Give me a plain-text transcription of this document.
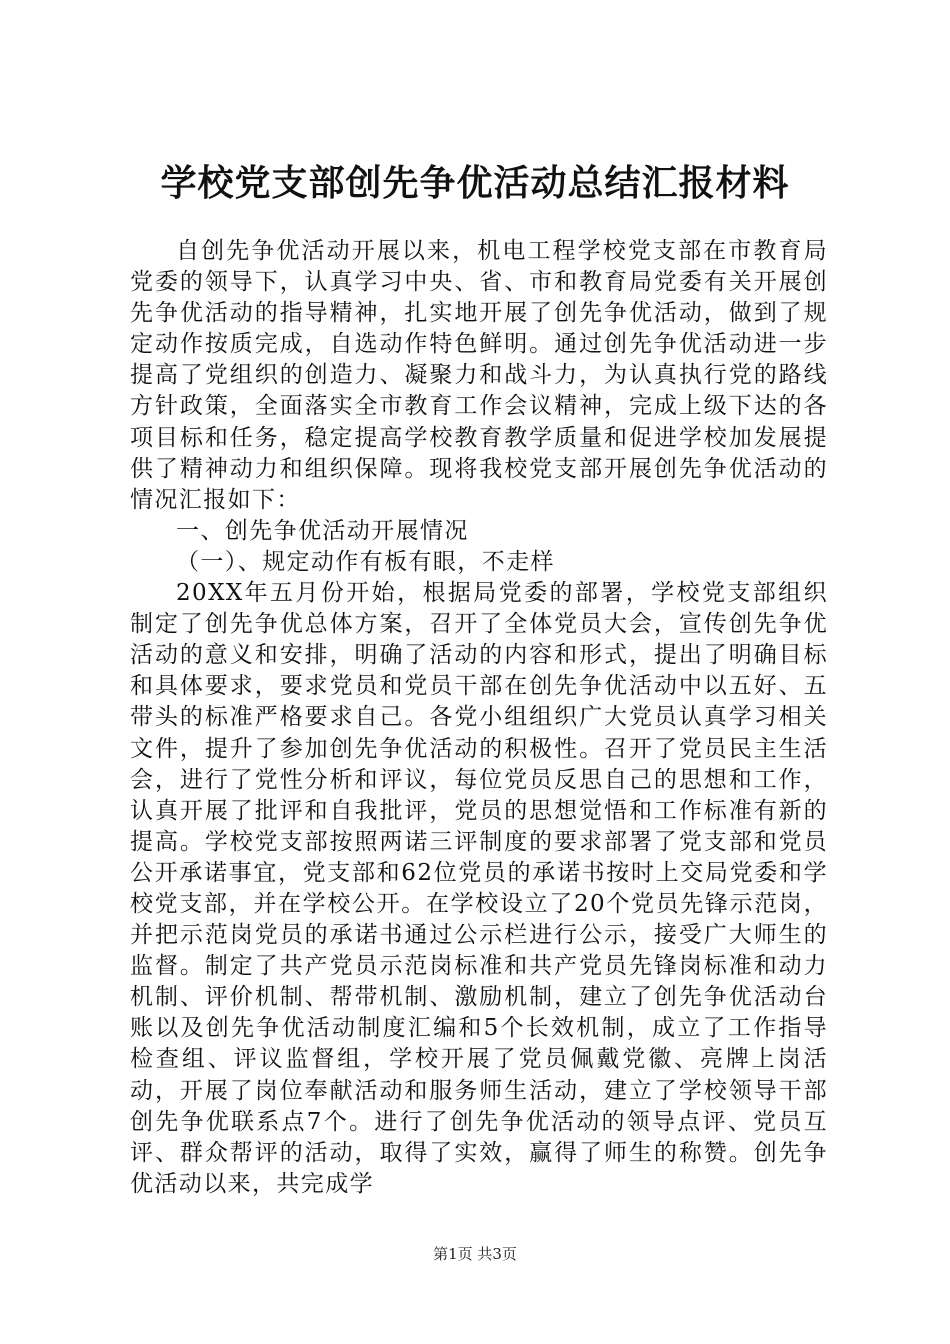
学校党支部创先争优活动总结汇报材料

自创先争优活动开展以来，机电工程学校党支部在市教育局党委的领导下，认真学习中央、省、市和教育局党委有关开展创先争优活动的指导精神，扎实地开展了创先争优活动，做到了规定动作按质完成，自选动作特色鲜明。通过创先争优活动进一步提高了党组织的创造力、凝聚力和战斗力，为认真执行党的路线方针政策，全面落实全市教育工作会议精神，完成上级下达的各项目标和任务，稳定提高学校教育教学质量和促进学校加发展提供了精神动力和组织保障。现将我校党支部开展创先争优活动的情况汇报如下：

一、创先争优活动开展情况

（一）、规定动作有板有眼，不走样

20XX年五月份开始，根据局党委的部署，学校党支部组织制定了创先争优总体方案，召开了全体党员大会，宣传创先争优活动的意义和安排，明确了活动的内容和形式，提出了明确目标和具体要求，要求党员和党员干部在创先争优活动中以五好、五带头的标准严格要求自己。各党小组组织广大党员认真学习相关文件，提升了参加创先争优活动的积极性。召开了党员民主生活会，进行了党性分析和评议，每位党员反思自己的思想和工作，认真开展了批评和自我批评，党员的思想觉悟和工作标准有新的提高。学校党支部按照两诺三评制度的要求部署了党支部和党员公开承诺事宜，党支部和62位党员的承诺书按时上交局党委和学校党支部，并在学校公开。在学校设立了20个党员先锋示范岗，并把示范岗党员的承诺书通过公示栏进行公示，接受广大师生的监督。制定了共产党员示范岗标准和共产党员先锋岗标准和动力机制、评价机制、帮带机制、激励机制，建立了创先争优活动台账以及创先争优活动制度汇编和5个长效机制，成立了工作指导检查组、评议监督组，学校开展了党员佩戴党徽、亮牌上岗活动，开展了岗位奉献活动和服务师生活动，建立了学校领导干部创先争优联系点7个。进行了创先争优活动的领导点评、党员互评、群众帮评的活动，取得了实效，赢得了师生的称赞。创先争优活动以来，共完成学

第1页 共3页
